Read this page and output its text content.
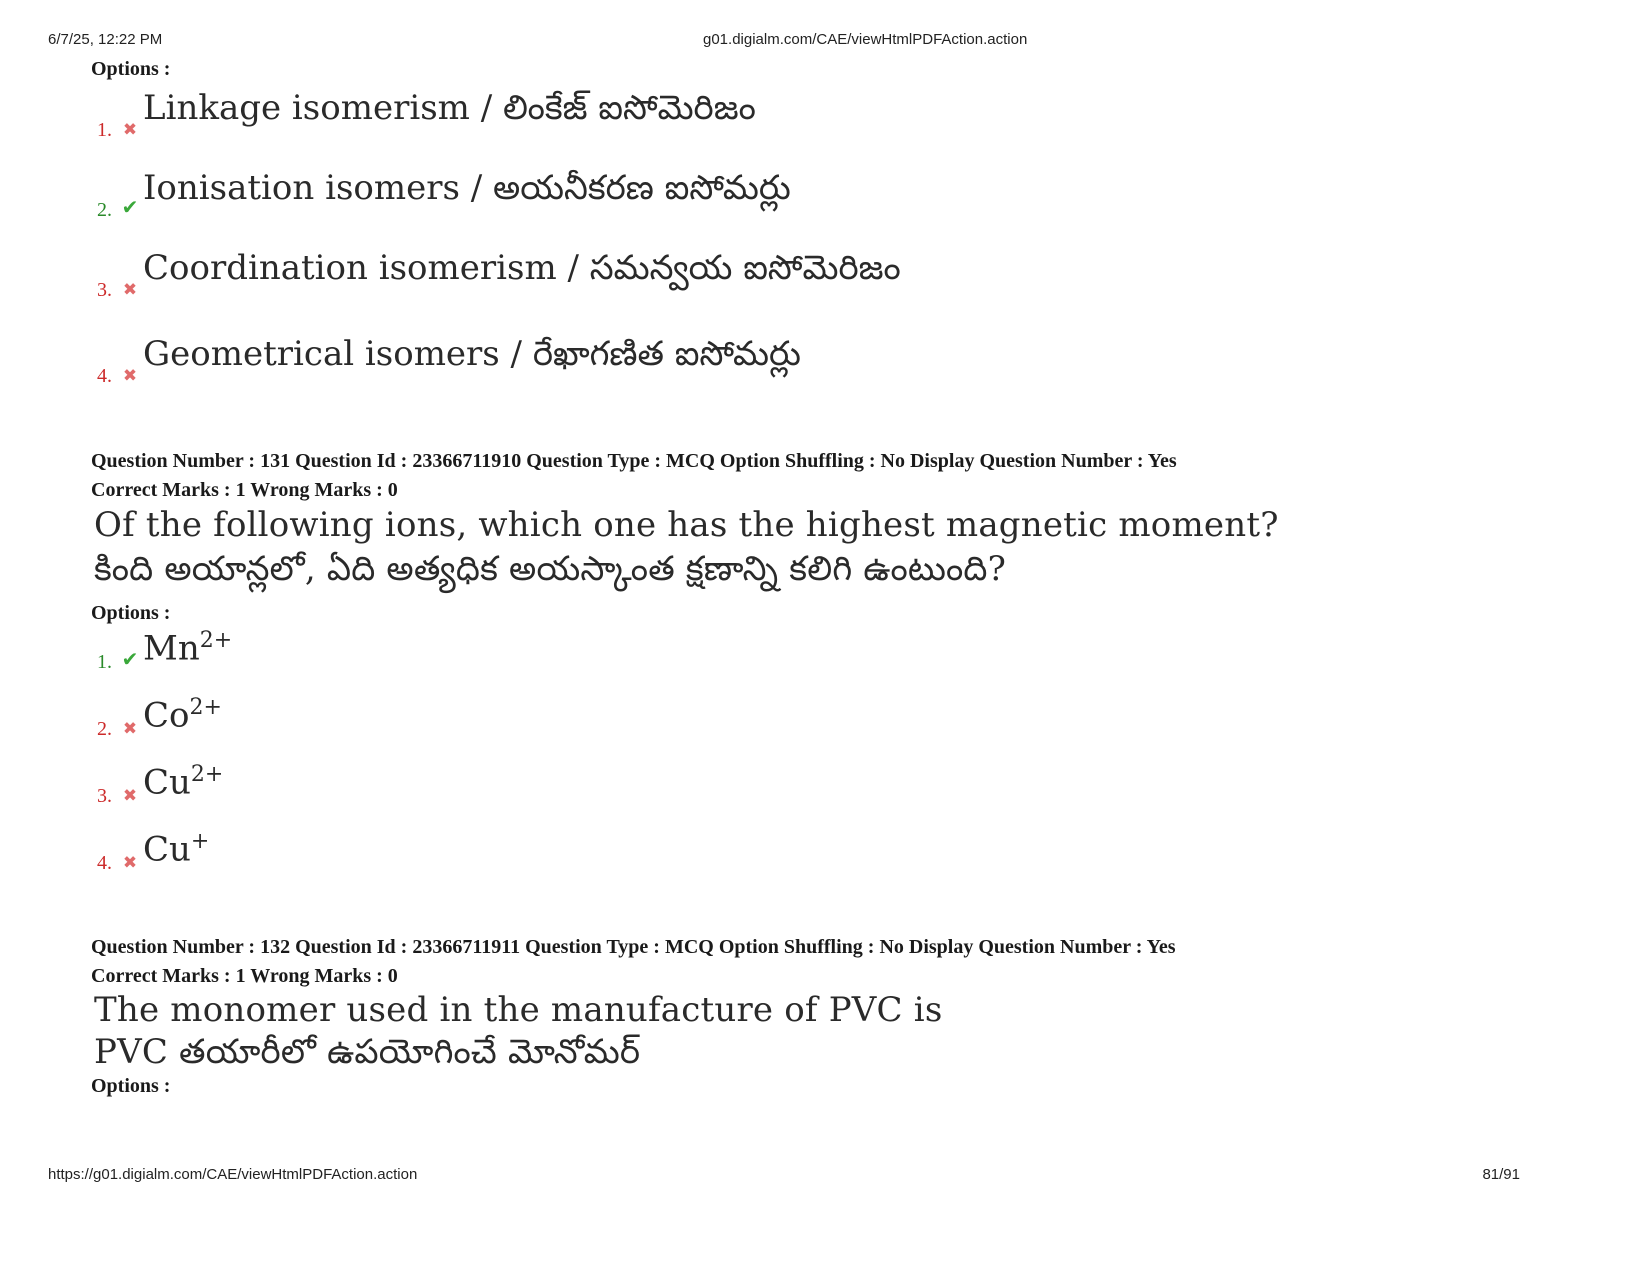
6/7/25, 12:22 PM	g01.digialm.com/CAE/viewHtmlPDFAction.action
Options :
1. ✖
Linkage isomerism / లింకేజ్ ఐసోమెరిజం
2. ✔ Ionisation isomers / అయనీకరణ ఐసోమర్లు
3. ✖
Coordination isomerism / సమన్వయ ఐసోమెరిజం
4. ✖
Geometrical isomers / రేఖాగణిత ఐసోమర్లు
Question Number : 131 Question Id : 23366711910 Question Type : MCQ Option Shuffling : No Display Question Number : Yes
Correct Marks : 1 Wrong Marks : 0
Of the following ions, which one has the highest magnetic moment?
కింది అయాన్లలో, ఏది అత్యధిక అయస్కాంత క్షణాన్ని కలిగి ఉంటుంది?
Options :
1. ✔ $Mn^{2+}$
2. ✖ $Co^{2+}$
3. ✖ $Cu^{2+}$
4. ✖ Cu+
Question Number : 132 Question Id : 23366711911 Question Type : MCQ Option Shuffling : No Display Question Number : Yes
Correct Marks : 1 Wrong Marks : 0
The monomer used in the manufacture of PVC is
PVC తయారీలో ఉపయోగించే మోనోమర్
Options :
https://g01.digialm.com/CAE/viewHtmlPDFAction.action	81/91
